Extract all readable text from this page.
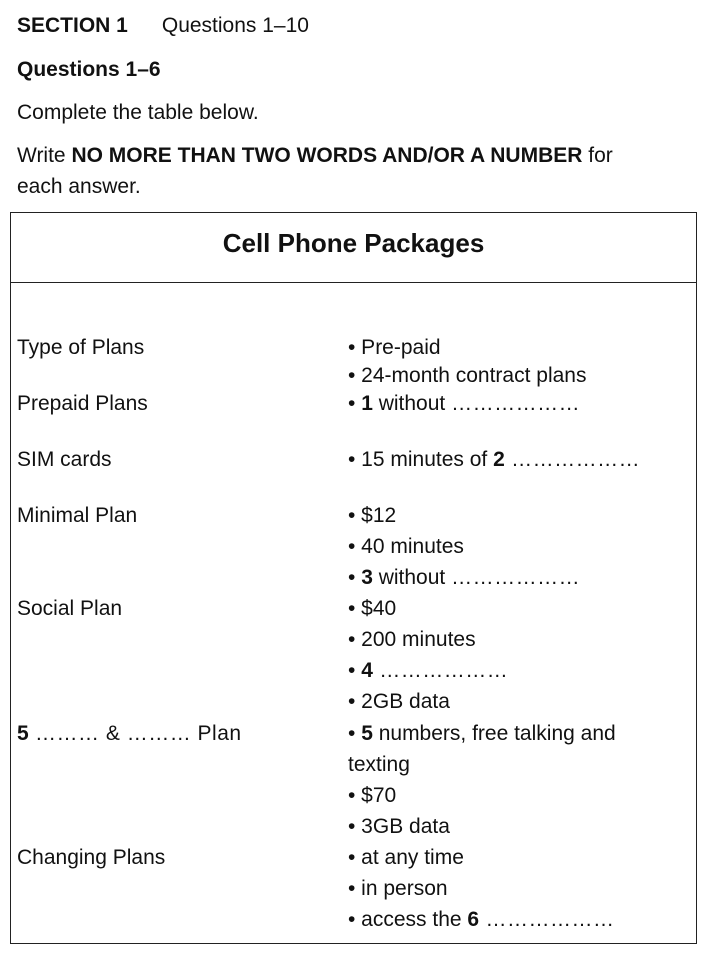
SECTION 1 Questions 1–10
Questions 1–6
Complete the table below.
Write NO MORE THAN TWO WORDS AND/OR A NUMBER for
each answer.
Cell Phone Packages
Type of Plans	• Pre-paid
• 24-month contract plans
Prepaid Plans	• 1 without ………………
SIM cards	• 15 minutes of 2 ………………
Minimal Plan	• $12
• 40 minutes
• 3 without ………………
Social Plan	• $40
• 200 minutes
• 4 ………………
• 2GB data
5 ……… & ……… Plan	• 5 numbers, free talking and
texting
• $70
• 3GB data
Changing Plans	• at any time
• in person
• access the 6 ………………
